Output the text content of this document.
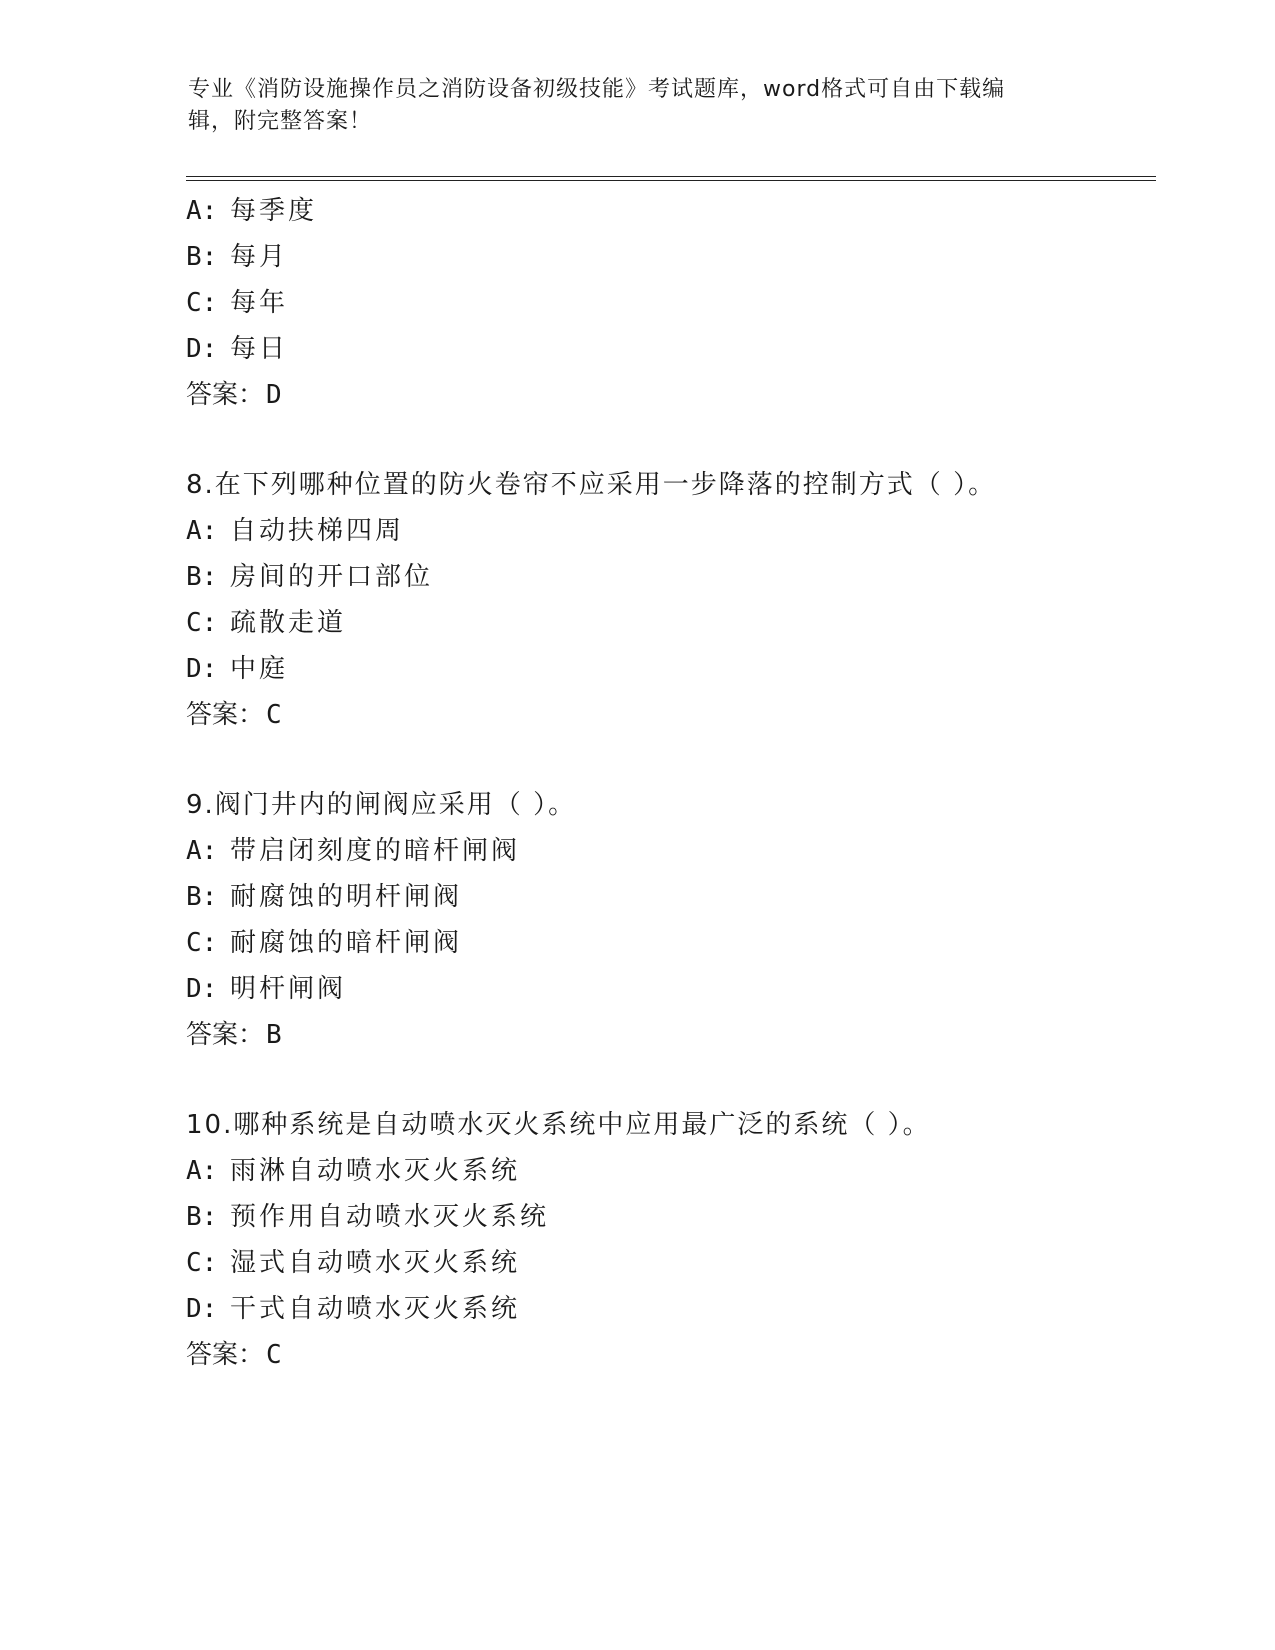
专业《消防设施操作员之消防设备初级技能》考试题库，word格式可自由下载编
辑，附完整答案！
A: 每季度
B: 每月
C: 每年
D: 每日
答案：D
8.在下列哪种位置的防火卷帘不应采用一步降落的控制方式（ ）。
A: 自动扶梯四周
B: 房间的开口部位
C: 疏散走道
D: 中庭
答案：C
9.阀门井内的闸阀应采用（ ）。
A: 带启闭刻度的暗杆闸阀
B: 耐腐蚀的明杆闸阀
C: 耐腐蚀的暗杆闸阀
D: 明杆闸阀
答案：B
10.哪种系统是自动喷水灭火系统中应用最广泛的系统（ ）。
A: 雨淋自动喷水灭火系统
B: 预作用自动喷水灭火系统
C: 湿式自动喷水灭火系统
D: 干式自动喷水灭火系统
答案：C
